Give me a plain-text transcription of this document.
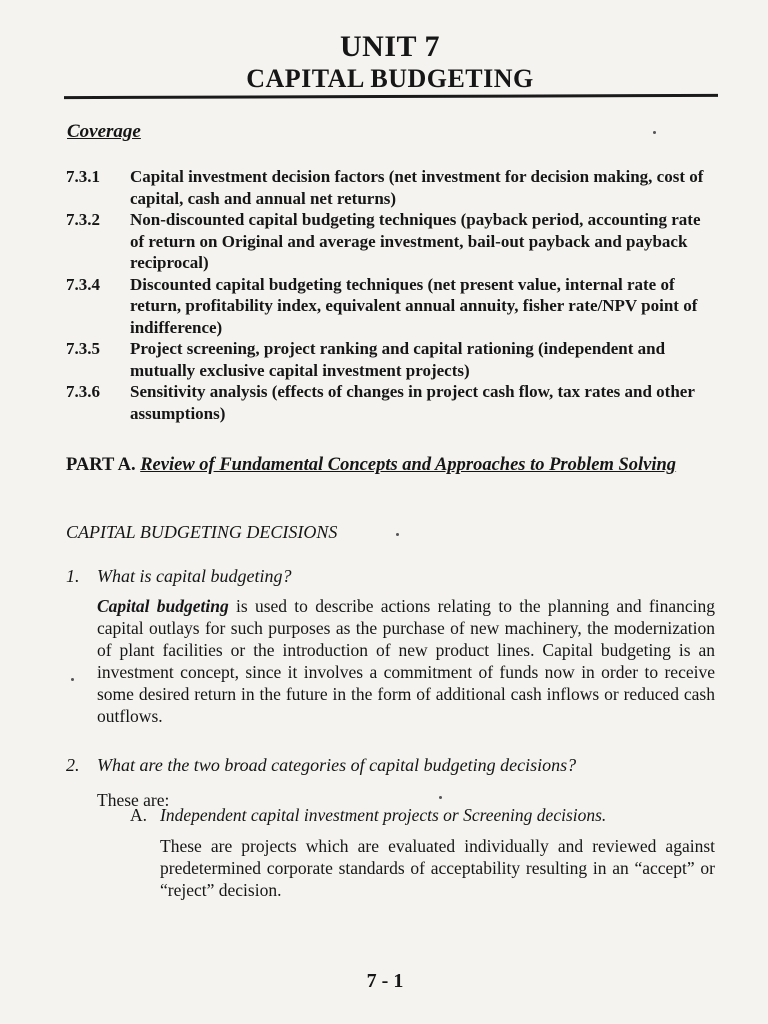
UNIT 7
CAPITAL BUDGETING
Coverage
7.3.1	Capital investment decision factors (net investment for decision making, cost of capital, cash and annual net returns)
7.3.2	Non-discounted capital budgeting techniques (payback period, accounting rate of return on Original and average investment, bail-out payback and payback reciprocal)
7.3.4	Discounted capital budgeting techniques (net present value, internal rate of return, profitability index, equivalent annual annuity, fisher rate/NPV point of indifference)
7.3.5	Project screening, project ranking and capital rationing (independent and mutually exclusive capital investment projects)
7.3.6	Sensitivity analysis (effects of changes in project cash flow, tax rates and other assumptions)
PART A. Review of Fundamental Concepts and Approaches to Problem Solving
CAPITAL BUDGETING DECISIONS
1. What is capital budgeting?
Capital budgeting is used to describe actions relating to the planning and financing capital outlays for such purposes as the purchase of new machinery, the modernization of plant facilities or the introduction of new product lines. Capital budgeting is an investment concept, since it involves a commitment of funds now in order to receive some desired return in the future in the form of additional cash inflows or reduced cash outflows.
2. What are the two broad categories of capital budgeting decisions?
These are:
A. Independent capital investment projects or Screening decisions.
These are projects which are evaluated individually and reviewed against predetermined corporate standards of acceptability resulting in an “accept” or “reject” decision.
7 - 1
